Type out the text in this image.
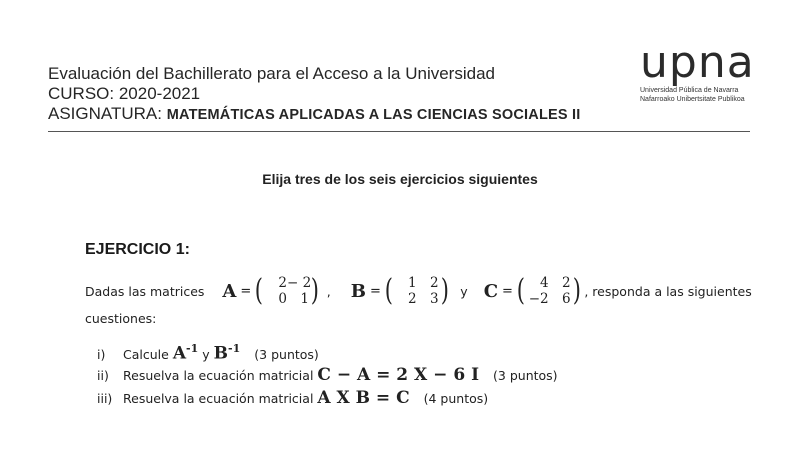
Evaluación del Bachillerato para el Acceso a la Universidad
CURSO: 2020-2021
ASIGNATURA: MATEMÁTICAS APLICADAS A LAS CIENCIAS SOCIALES II
upna
Universidad Pública de Navarra
Nafarroako Unibertsitate Publikoa
Elija tres de los seis ejercicios siguientes
EJERCICIO 1:
Dadas las matrices A = (	2 − 2
0 1 ) , B = (	1 2
2 3 ) y C = (	4 2
−2 6 ) , responda a las siguientes
cuestiones:
i)	Calcule $A^{-1}$ y $B^{-1}$ (3 puntos)
ii)	Resuelva la ecuación matricial C − A = 2 X − 6 I (3 puntos)
iii) Resuelva la ecuación matricial A X B = C (4 puntos)
